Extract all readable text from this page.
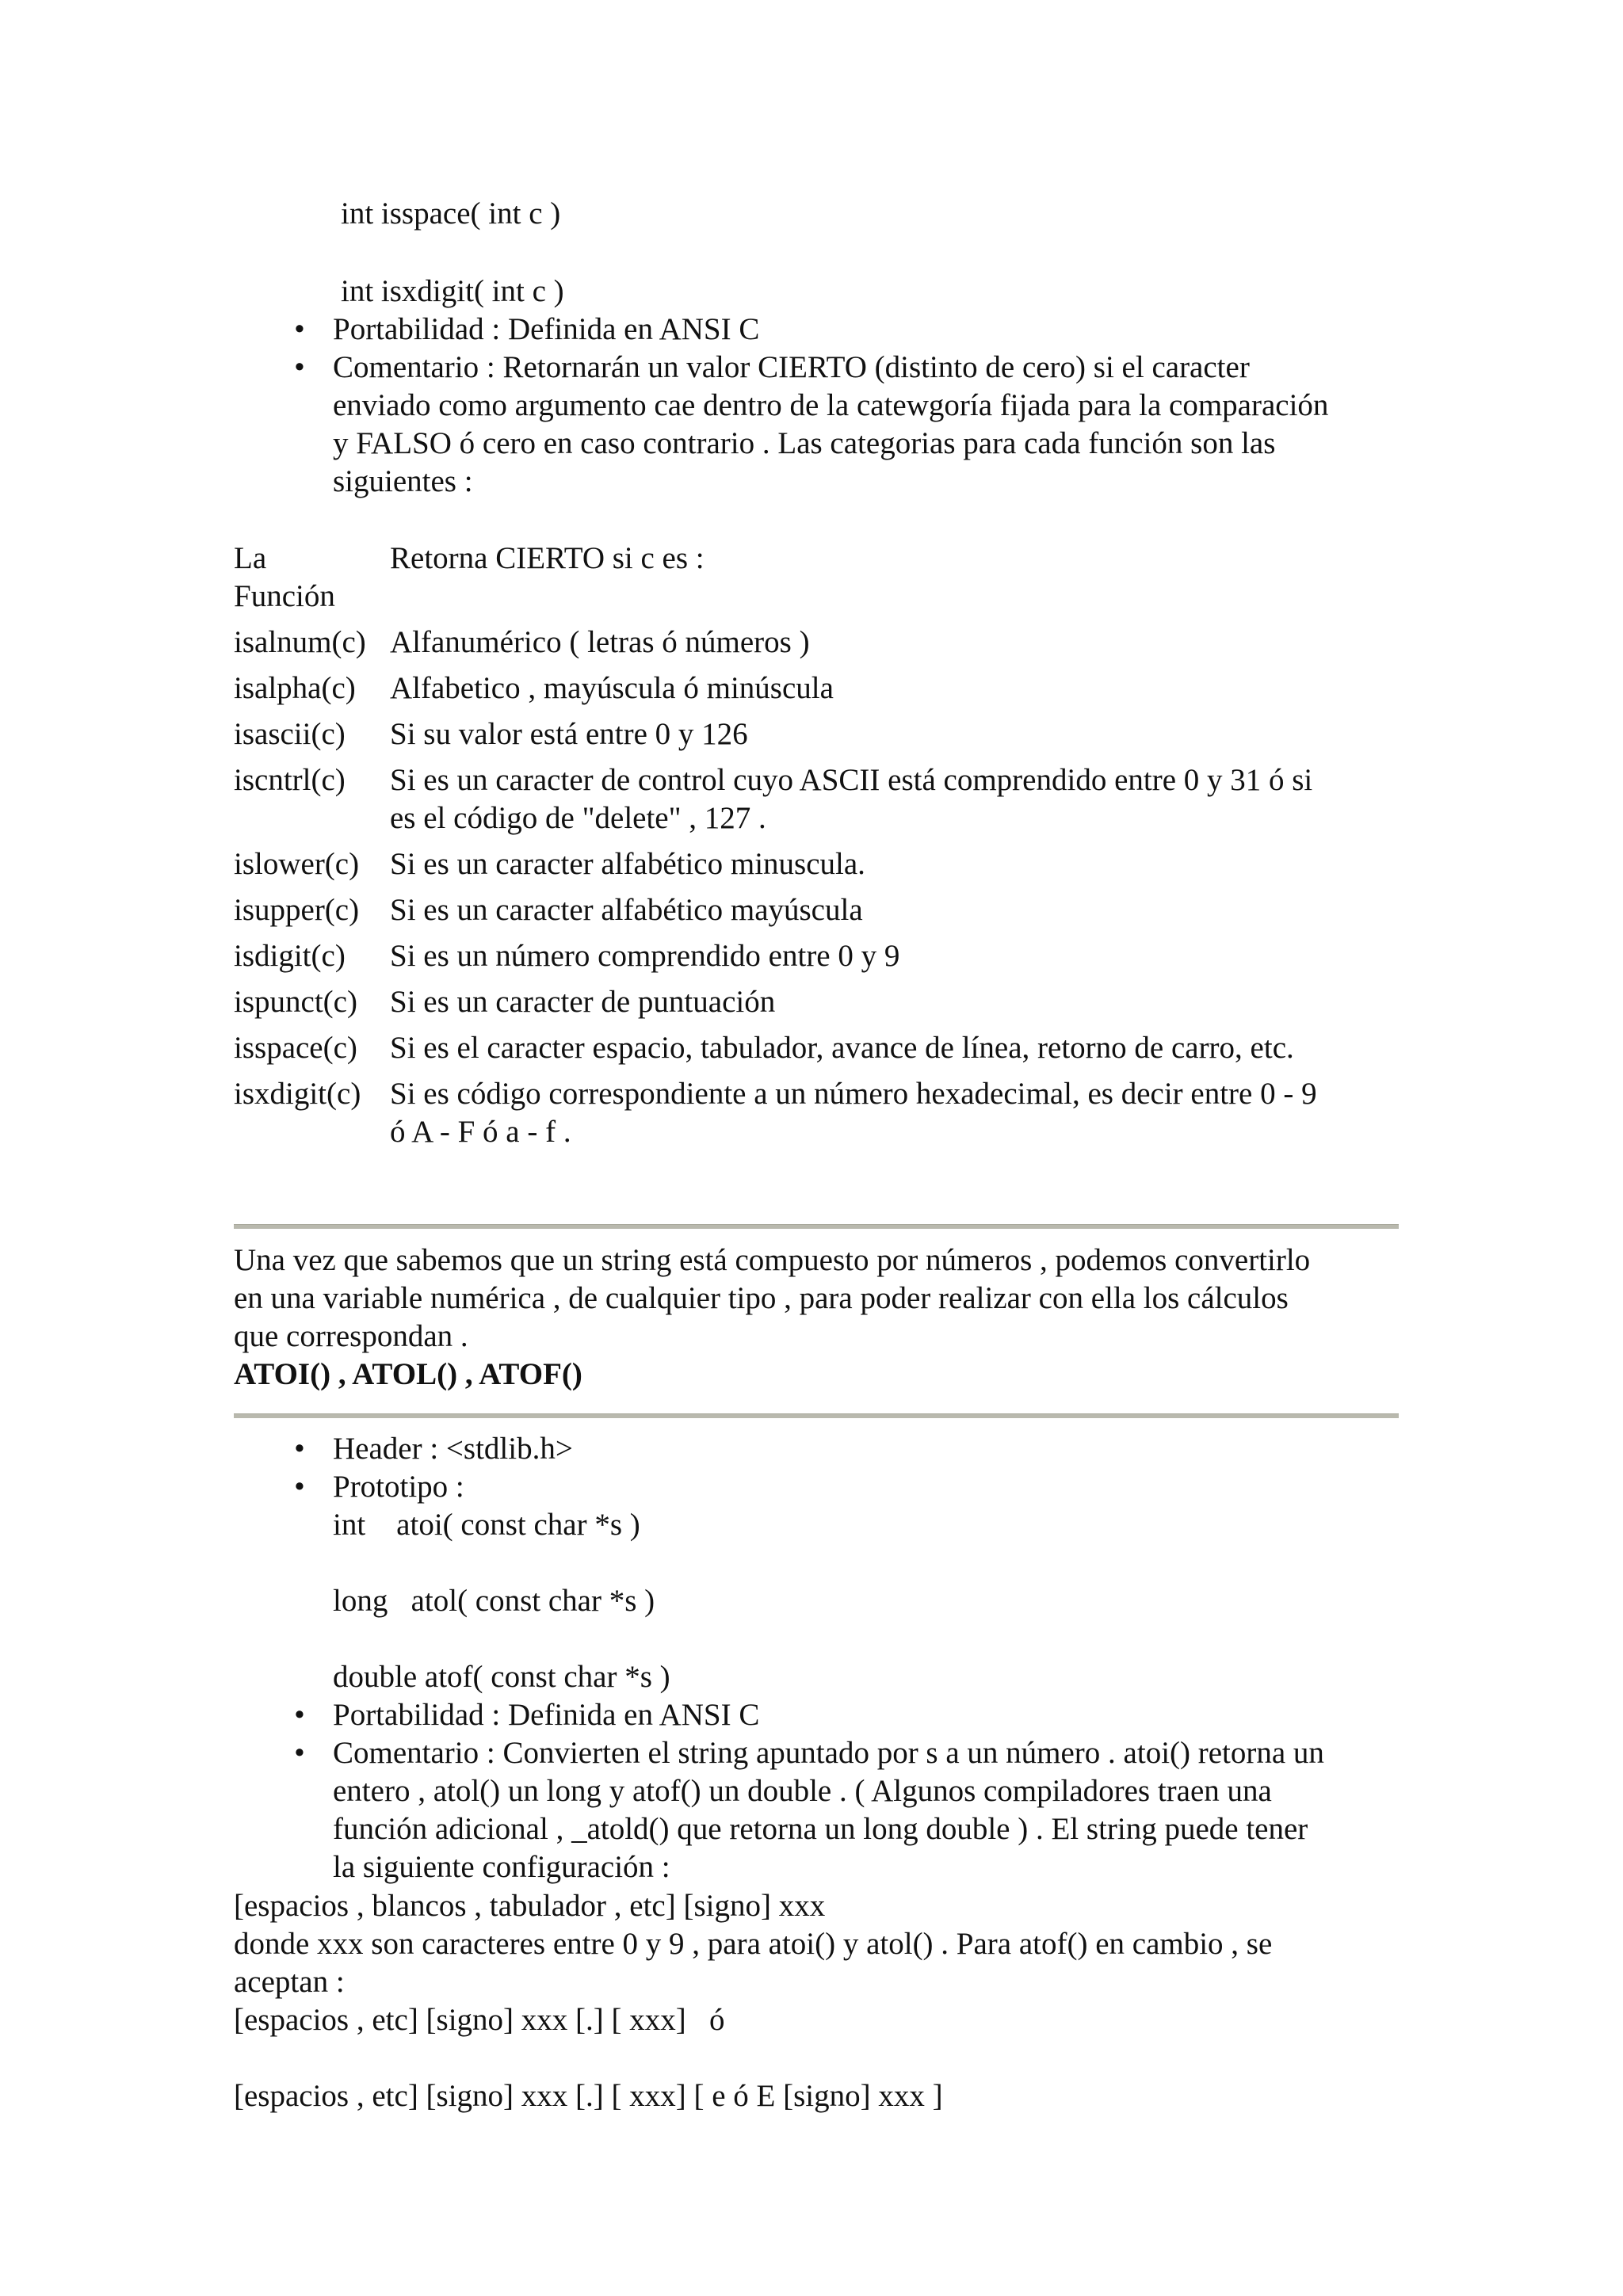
int isspace( int c )
int isxdigit( int c )
• Portabilidad : Definida en ANSI C
• Comentario : Retornarán un valor CIERTO (distinto de cero) si el caracter
enviado como argumento cae dentro de la catewgoría fijada para la comparación
y FALSO ó cero en caso contrario . Las categorias para cada función son las
siguientes :
La
Función	Retorna CIERTO si c es :
isalnum(c)	Alfanumérico ( letras ó números )

isalpha(c)	Alfabetico , mayúscula ó minúscula

isascii(c)	Si su valor está entre 0 y 126

iscntrl(c)	Si es un caracter de control cuyo ASCII está comprendido entre 0 y 31 ó si
es el código de "delete" , 127 .

islower(c)	Si es un caracter alfabético minuscula.

isupper(c)	Si es un caracter alfabético mayúscula

isdigit(c)	Si es un número comprendido entre 0 y 9

ispunct(c)	Si es un caracter de puntuación

isspace(c)	Si es el caracter espacio, tabulador, avance de línea, retorno de carro, etc.

isxdigit(c)	Si es código correspondiente a un número hexadecimal, es decir entre 0 - 9
ó A - F ó a - f .
Una vez que sabemos que un string está compuesto por números , podemos convertirlo
en una variable numérica , de cualquier tipo , para poder realizar con ella los cálculos
que correspondan .
ATOI() , ATOL() , ATOF()
• Header : <stdlib.h>
• Prototipo :
int    atoi( const char *s )
long   atol( const char *s )
double atof( const char *s )
• Portabilidad : Definida en ANSI C
• Comentario : Convierten el string apuntado por s a un número . atoi() retorna un
entero , atol() un long y atof() un double . ( Algunos compiladores traen una
función adicional , _atold() que retorna un long double ) . El string puede tener
la siguiente configuración :
[espacios , blancos , tabulador , etc] [signo] xxx
donde xxx son caracteres entre 0 y 9 , para atoi() y atol() . Para atof() en cambio , se
aceptan :
[espacios , etc] [signo] xxx [.] [ xxx]   ó
[espacios , etc] [signo] xxx [.] [ xxx] [ e ó E [signo] xxx ]
